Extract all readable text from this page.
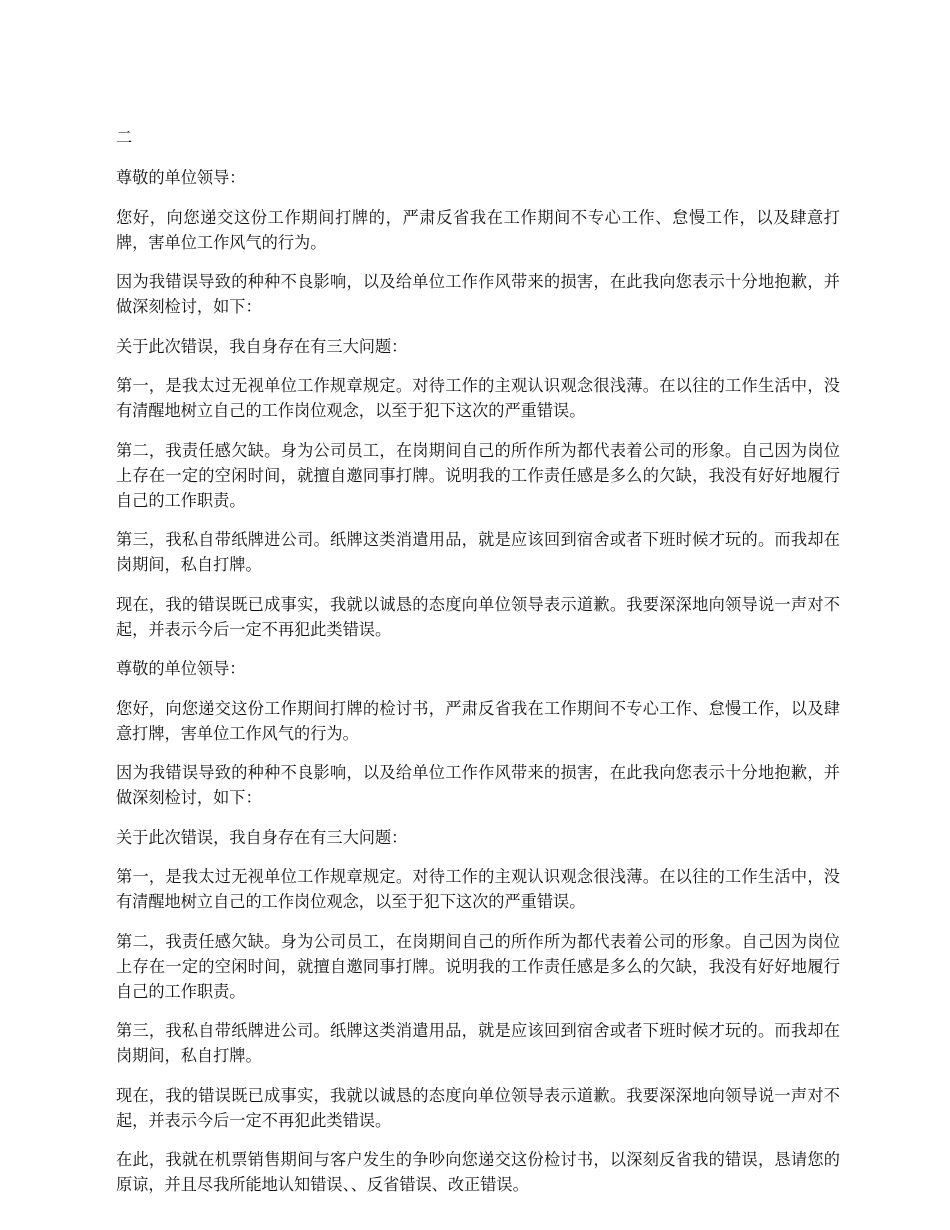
二

尊敬的单位领导：

您好，向您递交这份工作期间打牌的，严肃反省我在工作期间不专心工作、怠慢工作，以及肆意打牌，害单位工作风气的行为。

因为我错误导致的种种不良影响，以及给单位工作作风带来的损害，在此我向您表示十分地抱歉，并做深刻检讨，如下：

关于此次错误，我自身存在有三大问题：

第一，是我太过无视单位工作规章规定。对待工作的主观认识观念很浅薄。在以往的工作生活中，没有清醒地树立自己的工作岗位观念，以至于犯下这次的严重错误。

第二，我责任感欠缺。身为公司员工，在岗期间自己的所作所为都代表着公司的形象。自己因为岗位上存在一定的空闲时间，就擅自邀同事打牌。说明我的工作责任感是多么的欠缺，我没有好好地履行自己的工作职责。

第三，我私自带纸牌进公司。纸牌这类消遣用品，就是应该回到宿舍或者下班时候才玩的。而我却在岗期间，私自打牌。

现在，我的错误既已成事实，我就以诚恳的态度向单位领导表示道歉。我要深深地向领导说一声对不起，并表示今后一定不再犯此类错误。

尊敬的单位领导：

您好，向您递交这份工作期间打牌的检讨书，严肃反省我在工作期间不专心工作、怠慢工作，以及肆意打牌，害单位工作风气的行为。

因为我错误导致的种种不良影响，以及给单位工作作风带来的损害，在此我向您表示十分地抱歉，并做深刻检讨，如下：

关于此次错误，我自身存在有三大问题：

第一，是我太过无视单位工作规章规定。对待工作的主观认识观念很浅薄。在以往的工作生活中，没有清醒地树立自己的工作岗位观念，以至于犯下这次的严重错误。

第二，我责任感欠缺。身为公司员工，在岗期间自己的所作所为都代表着公司的形象。自己因为岗位上存在一定的空闲时间，就擅自邀同事打牌。说明我的工作责任感是多么的欠缺，我没有好好地履行自己的工作职责。

第三，我私自带纸牌进公司。纸牌这类消遣用品，就是应该回到宿舍或者下班时候才玩的。而我却在岗期间，私自打牌。

现在，我的错误既已成事实，我就以诚恳的态度向单位领导表示道歉。我要深深地向领导说一声对不起，并表示今后一定不再犯此类错误。

在此，我就在机票销售期间与客户发生的争吵向您递交这份检讨书，以深刻反省我的错误，恳请您的原谅，并且尽我所能地认知错误、、反省错误、改正错误。
